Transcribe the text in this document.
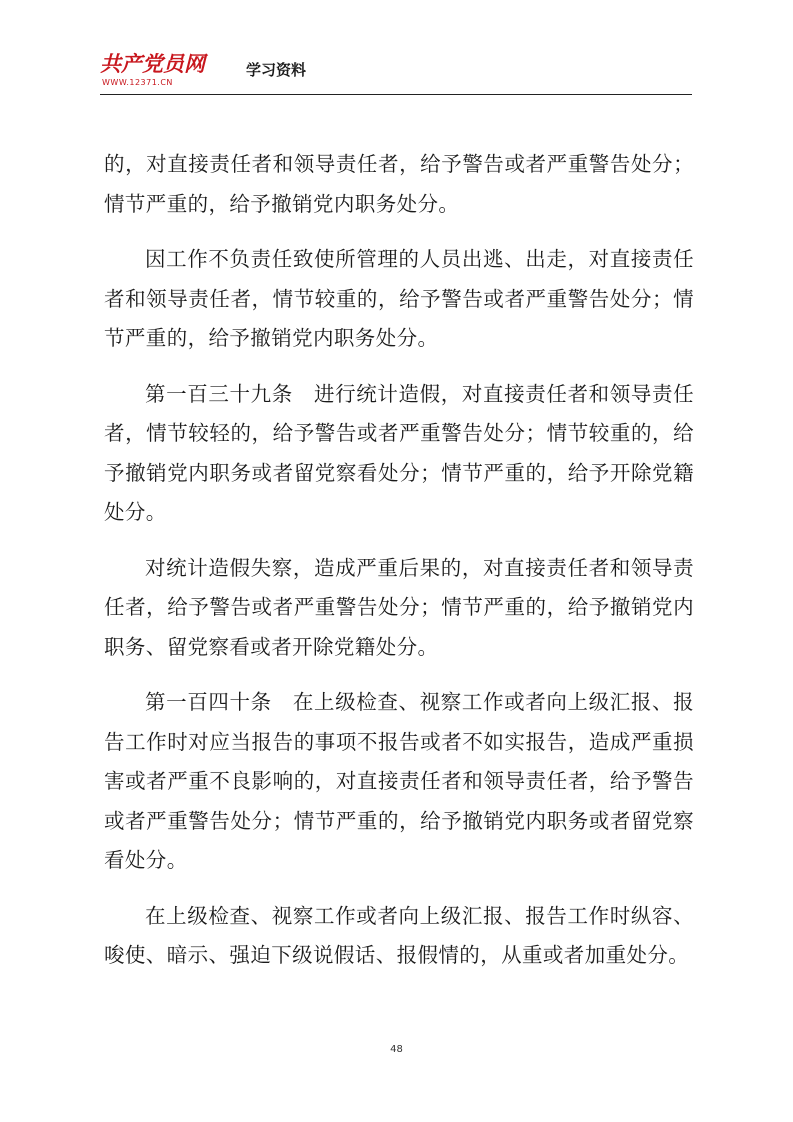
共产党员网
WWW.12371.CN
学习资料

的，对直接责任者和领导责任者，给予警告或者严重警告处分；情节严重的，给予撤销党内职务处分。

因工作不负责任致使所管理的人员出逃、出走，对直接责任者和领导责任者，情节较重的，给予警告或者严重警告处分；情节严重的，给予撤销党内职务处分。

第一百三十九条　进行统计造假，对直接责任者和领导责任者，情节较轻的，给予警告或者严重警告处分；情节较重的，给予撤销党内职务或者留党察看处分；情节严重的，给予开除党籍处分。

对统计造假失察，造成严重后果的，对直接责任者和领导责任者，给予警告或者严重警告处分；情节严重的，给予撤销党内职务、留党察看或者开除党籍处分。

第一百四十条　在上级检查、视察工作或者向上级汇报、报告工作时对应当报告的事项不报告或者不如实报告，造成严重损害或者严重不良影响的，对直接责任者和领导责任者，给予警告或者严重警告处分；情节严重的，给予撤销党内职务或者留党察看处分。

在上级检查、视察工作或者向上级汇报、报告工作时纵容、唆使、暗示、强迫下级说假话、报假情的，从重或者加重处分。

48
